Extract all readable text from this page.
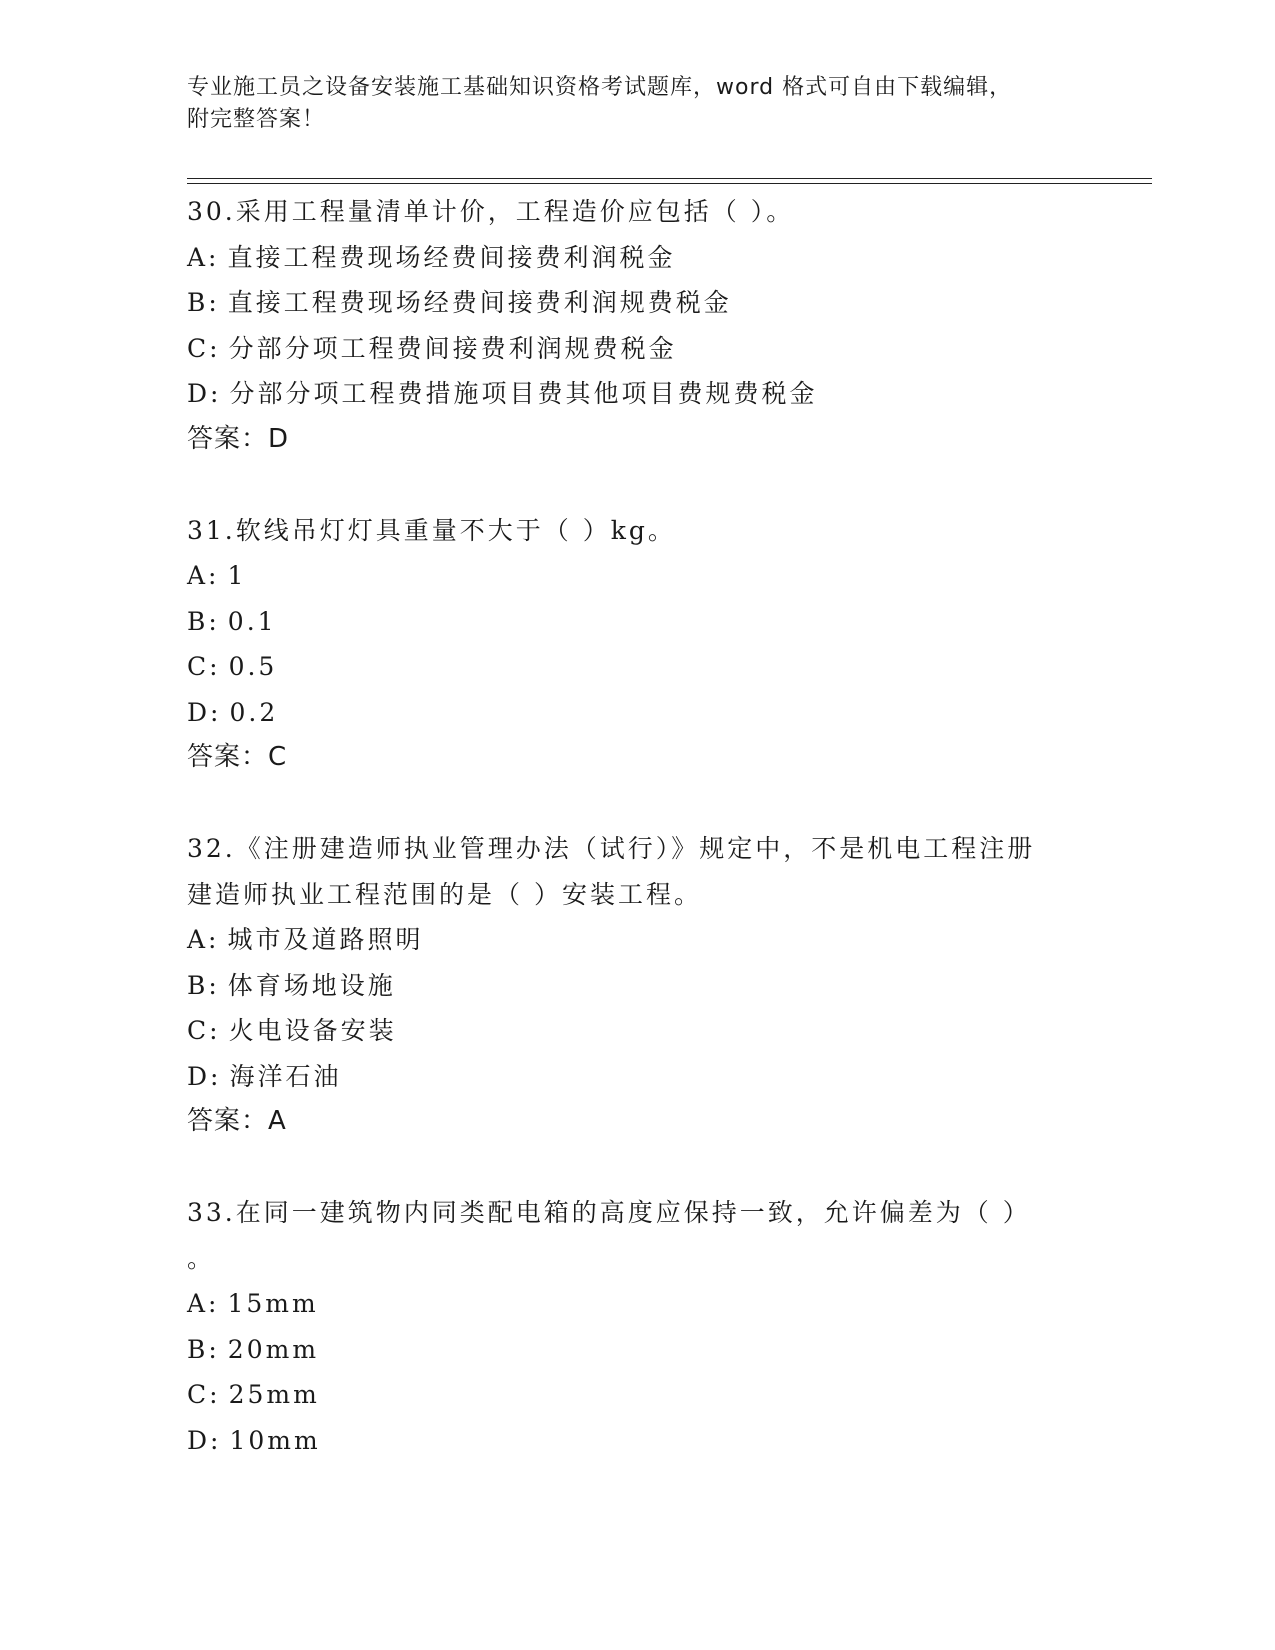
专业施工员之设备安装施工基础知识资格考试题库，word 格式可自由下载编辑，
附完整答案！

30.采用工程量清单计价，工程造价应包括（ ）。

A: 直接工程费现场经费间接费利润税金

B: 直接工程费现场经费间接费利润规费税金

C: 分部分项工程费间接费利润规费税金

D: 分部分项工程费措施项目费其他项目费规费税金

答案：D

31.软线吊灯灯具重量不大于（ ）kg。

A: 1

B: 0.1

C: 0.5

D: 0.2

答案：C

32.《注册建造师执业管理办法（试行）》规定中，不是机电工程注册

建造师执业工程范围的是（ ）安装工程。

A: 城市及道路照明

B: 体育场地设施

C: 火电设备安装

D: 海洋石油

答案：A

33.在同一建筑物内同类配电箱的高度应保持一致，允许偏差为（ ）

。

A: 15mm

B: 20mm

C: 25mm

D: 10mm
